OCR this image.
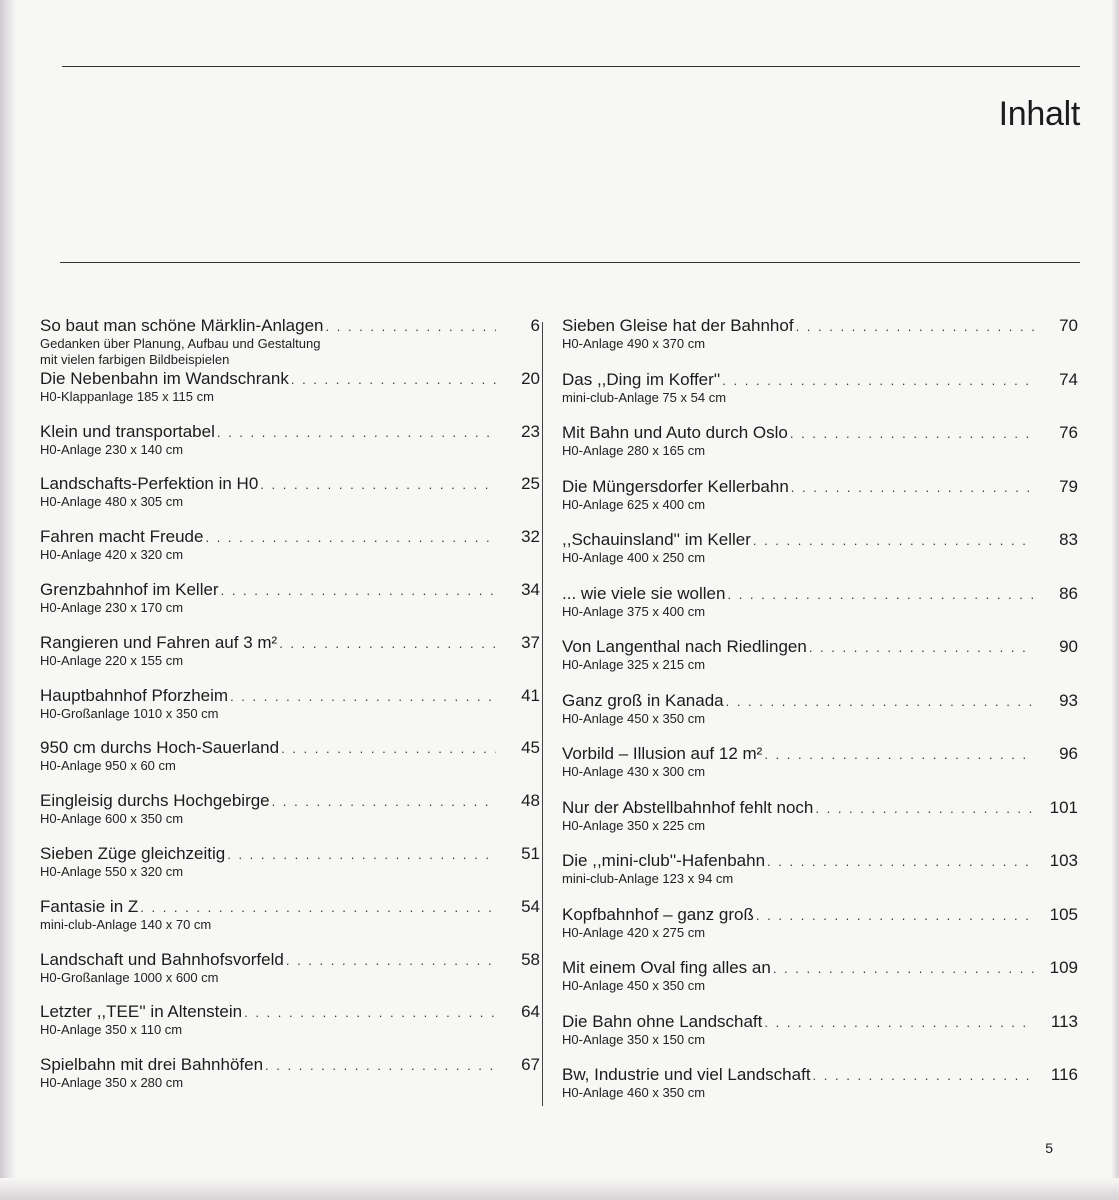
Inhalt
So baut man schöne Märklin-Anlagen . . .	6
Gedanken über Planung, Aufbau und Gestaltung
mit vielen farbigen Bildbeispielen
Die Nebenbahn im Wandschrank . . .	20
H0-Klappanlage 185 x 115 cm
Klein und transportabel . . .	23
H0-Anlage 230 x 140 cm
Landschafts-Perfektion in H0 . . .	25
H0-Anlage 480 x 305 cm
Fahren macht Freude . . .	32
H0-Anlage 420 x 320 cm
Grenzbahnhof im Keller . . .	34
H0-Anlage 230 x 170 cm
Rangieren und Fahren auf 3 m² . . .	37
H0-Anlage 220 x 155 cm
Hauptbahnhof Pforzheim . . .	41
H0-Großanlage 1010 x 350 cm
950 cm durchs Hoch-Sauerland . . .	45
H0-Anlage 950 x 60 cm
Eingleisig durchs Hochgebirge . . .	48
H0-Anlage 600 x 350 cm
Sieben Züge gleichzeitig . . .	51
H0-Anlage 550 x 320 cm
Fantasie in Z . . .	54
mini-club-Anlage 140 x 70 cm
Landschaft und Bahnhofsvorfeld . . .	58
H0-Großanlage 1000 x 600 cm
Letzter ,,TEE'' in Altenstein . . .	64
H0-Anlage 350 x 110 cm
Spielbahn mit drei Bahnhöfen . . .	67
H0-Anlage 350 x 280 cm
Sieben Gleise hat der Bahnhof . . .	70
H0-Anlage 490 x 370 cm
Das ,,Ding im Koffer'' . . .	74
mini-club-Anlage 75 x 54 cm
Mit Bahn und Auto durch Oslo . . .	76
H0-Anlage 280 x 165 cm
Die Müngersdorfer Kellerbahn . . .	79
H0-Anlage 625 x 400 cm
,,Schauinsland'' im Keller . . .	83
H0-Anlage 400 x 250 cm
... wie viele sie wollen . . .	86
H0-Anlage 375 x 400 cm
Von Langenthal nach Riedlingen . . .	90
H0-Anlage 325 x 215 cm
Ganz groß in Kanada . . .	93
H0-Anlage 450 x 350 cm
Vorbild – Illusion auf 12 m² . . .	96
H0-Anlage 430 x 300 cm
Nur der Abstellbahnhof fehlt noch . . .	101
H0-Anlage 350 x 225 cm
Die ,,mini-club''-Hafenbahn . . .	103
mini-club-Anlage 123 x 94 cm
Kopfbahnhof – ganz groß . . .	105
H0-Anlage 420 x 275 cm
Mit einem Oval fing alles an . . .	109
H0-Anlage 450 x 350 cm
Die Bahn ohne Landschaft . . .	113
H0-Anlage 350 x 150 cm
Bw, Industrie und viel Landschaft . . .	116
H0-Anlage 460 x 350 cm
5
